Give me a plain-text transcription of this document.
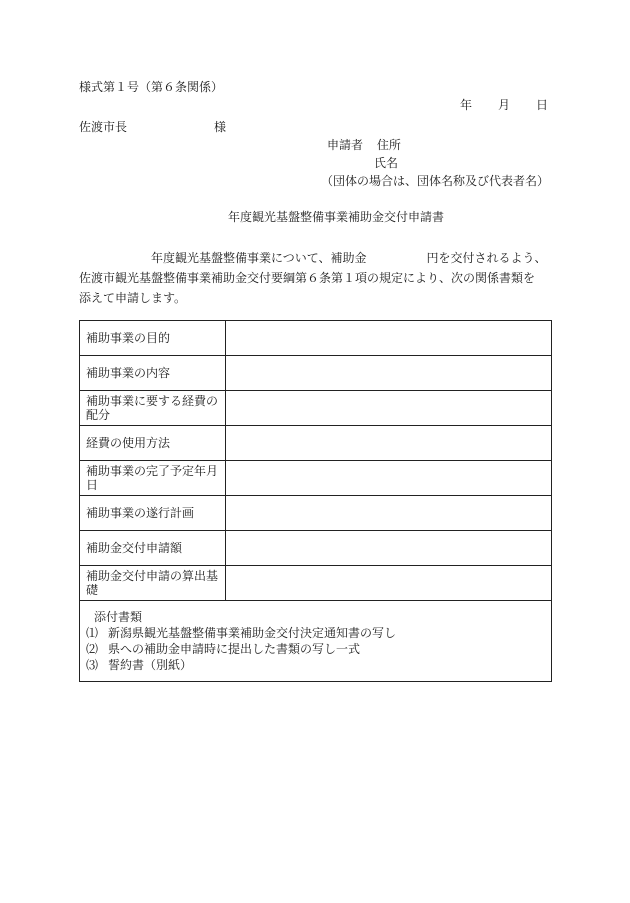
様式第１号（第６条関係）
年 月 日
佐渡市長	様
申請者 住所
氏名
（団体の場合は、団体名称及び代表者名）
年度観光基盤整備事業補助金交付申請書
　　　　　　年度観光基盤整備事業について、補助金　　　　　円を交付されるよう、
佐渡市観光基盤整備事業補助金交付要綱第６条第１項の規定により、次の関係書類を
添えて申請します。
補助事業の目的	
補助事業の内容	
補助事業に要する経費の配分	
経費の使用方法	
補助事業の完了予定年月日	
補助事業の遂行計画	
補助金交付申請額	
補助金交付申請の算出基礎	

添付書類
⑴ 新潟県観光基盤整備事業補助金交付決定通知書の写し
⑵ 県への補助金申請時に提出した書類の写し一式
⑶ 誓約書（別紙）	
